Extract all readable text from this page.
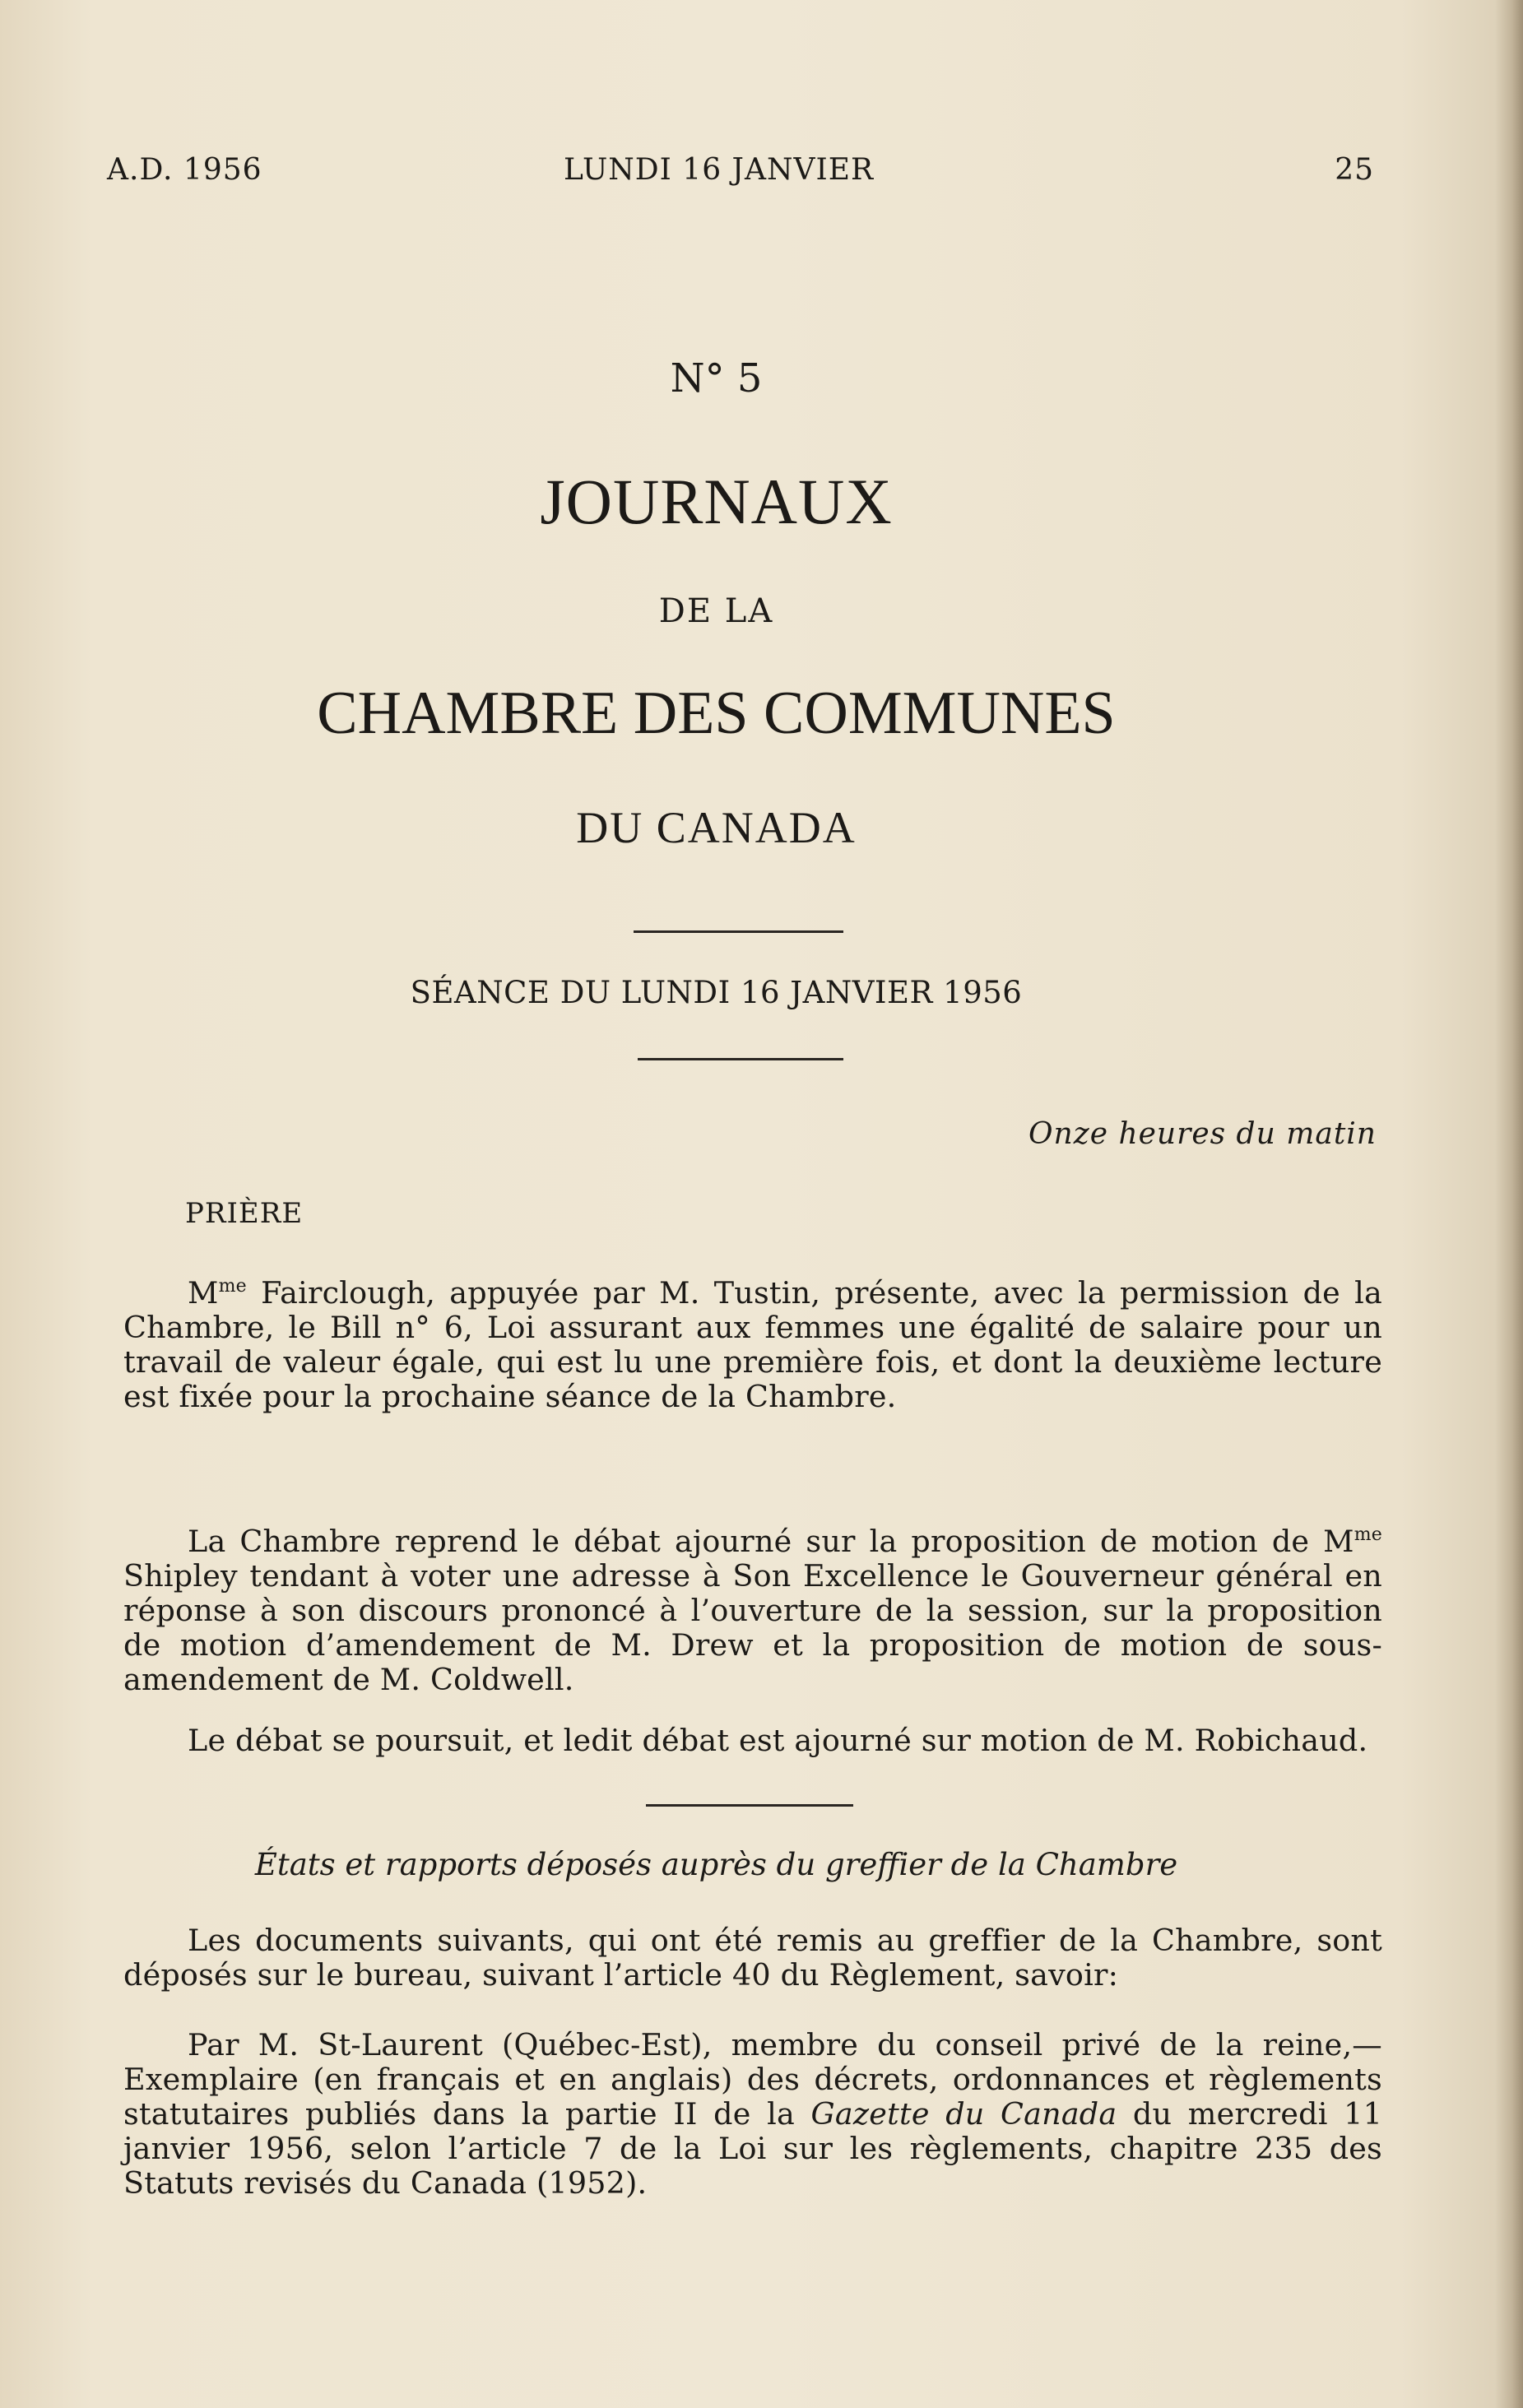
A.D. 1956	LUNDI 16 JANVIER	25
N° 5
JOURNAUX
DE LA
CHAMBRE DES COMMUNES
DU CANADA
SÉANCE DU LUNDI 16 JANVIER 1956
Onze heures du matin
PRIÈRE
$M^{me}$ Fairclough, appuyée par M. Tustin, présente, avec la permission de la Chambre, le Bill n° 6, Loi assurant aux femmes une égalité de salaire pour un travail de valeur égale, qui est lu une première fois, et dont la deuxième lecture est fixée pour la prochaine séance de la Chambre.
La Chambre reprend le débat ajourné sur la proposition de motion de $M^{me}$ Shipley tendant à voter une adresse à Son Excellence le Gouverneur général en réponse à son discours prononcé à l’ouverture de la session, sur la proposition de motion d’amendement de M. Drew et la proposition de motion de sous-amendement de M. Coldwell.
Le débat se poursuit, et ledit débat est ajourné sur motion de M. Robichaud.
États et rapports déposés auprès du greffier de la Chambre
Les documents suivants, qui ont été remis au greffier de la Chambre, sont déposés sur le bureau, suivant l’article 40 du Règlement, savoir:
Par M. St-Laurent (Québec-Est), membre du conseil privé de la reine,—Exemplaire (en français et en anglais) des décrets, ordonnances et règlements statutaires publiés dans la partie II de la Gazette du Canada du mercredi 11 janvier 1956, selon l’article 7 de la Loi sur les règlements, chapitre 235 des Statuts revisés du Canada (1952).
